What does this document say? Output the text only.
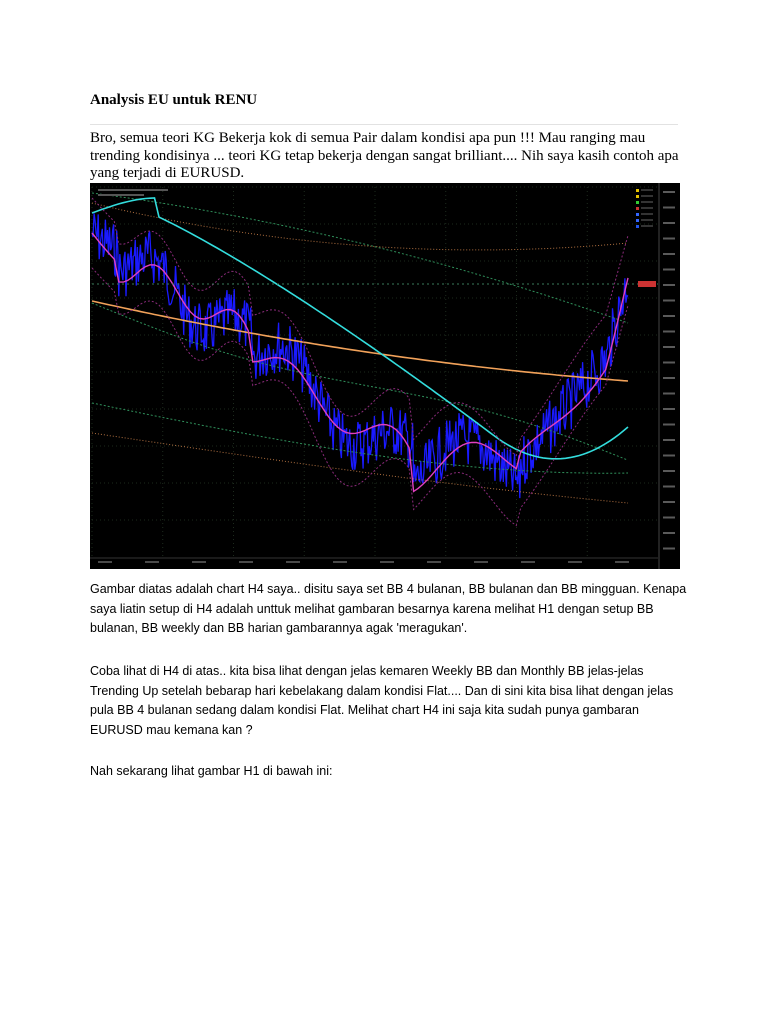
Analysis EU untuk RENU

Bro, semua teori KG Bekerja kok di semua Pair dalam kondisi apa pun !!! Mau ranging mau trending kondisinya ... teori KG tetap bekerja dengan sangat brilliant.... Nih saya kasih contoh apa yang terjadi di EURUSD.

Gambar diatas adalah chart H4 saya.. disitu saya set BB 4 bulanan, BB bulanan dan BB mingguan. Kenapa saya liatin setup di H4 adalah unttuk melihat gambaran besarnya karena melihat H1 dengan setup BB bulanan, BB weekly dan BB harian gambarannya agak 'meragukan'.

Coba lihat di H4 di atas.. kita bisa lihat dengan jelas kemaren Weekly BB dan Monthly BB jelas-jelas Trending Up setelah bebarap hari kebelakang dalam kondisi Flat.... Dan di sini kita bisa lihat dengan jelas pula BB 4 bulanan sedang dalam kondisi Flat. Melihat chart H4 ini saja kita sudah punya gambaran EURUSD mau kemana kan ?

Nah sekarang lihat gambar H1 di bawah ini:
